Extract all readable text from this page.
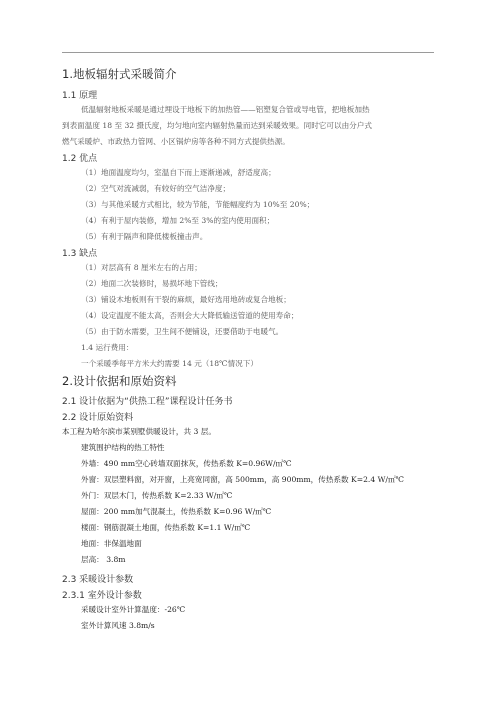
1.地板辐射式采暖简介
1.1 原理
低温辐射地板采暖是通过埋设于地板下的加热管——铝塑复合管或导电管，把地板加热
到表面温度 18 至 32 摄氏度，均匀地向室内辐射热量而达到采暖效果。同时它可以由分户式
燃气采暖炉、市政热力管网、小区锅炉房等各种不同方式提供热源。
1.2 优点
（1）地面温度均匀，室温自下而上逐渐递减，舒适度高；
（2）空气对流减弱，有较好的空气洁净度；
（3）与其他采暖方式相比，较为节能，节能幅度约为 10%至 20%；
（4）有利于屋内装修，增加 2%至 3%的室内使用面积；
（5）有利于隔声和降低楼板撞击声。
1.3 缺点
（1）对层高有 8 厘米左右的占用；
（2）地面二次装修时，易损坏地下管线；
（3）铺设木地板则有干裂的麻烦，最好选用地砖或复合地板；
（4）设定温度不能太高，否则会大大降低输送管道的使用寿命；
（5）由于防水需要，卫生间不便铺设，还要借助于电暖气。
1.4 运行费用：
一个采暖季每平方米大约需要 14 元（18℃情况下）
2.设计依据和原始资料
2.1 设计依据为“供热工程”课程设计任务书
2.2 设计原始资料
本工程为哈尔滨市某别墅供暖设计，共 3 层。
建筑围护结构的热工特性
外墙：490 mm空心砖墙双面抹灰，传热系数 K=0.96W/㎡℃
外窗：双层塑料窗，对开窗，上亮宽同窗，高 500mm，高 900mm，传热系数 K=2.4 W/㎡℃
外门：双层木门，传热系数 K=2.33 W/㎡℃
屋面：200 mm加气混凝土，传热系数 K=0.96 W/㎡℃
楼面：钢筋混凝土地面，传热系数 K=1.1 W/㎡℃
地面：非保温地面
层高： 3.8m
2.3 采暖设计参数
2.3.1 室外设计参数
采暖设计室外计算温度：-26℃
室外计算风速 3.8m/s
